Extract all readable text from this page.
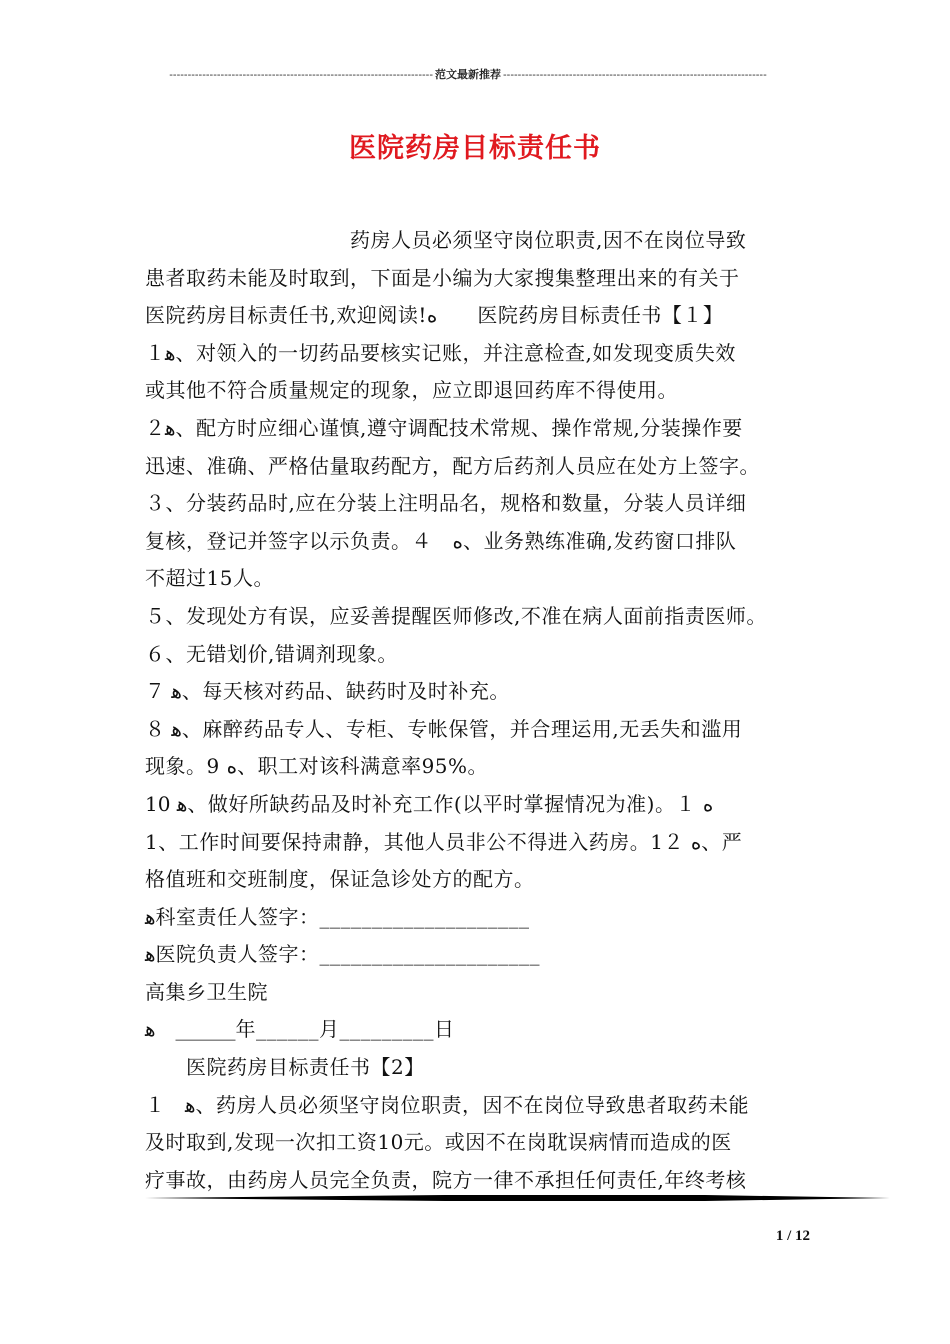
------------------------------------------------------------------------ 范文最新推荐 ------------------------------------------------------------------------
医院药房目标责任书
　　　　　　　　　　药房人员必须坚守岗位职责,因不在岗位导致
患者取药未能及时取到，下面是小编为大家搜集整理出来的有关于
医院药房目标责任书,欢迎阅读!ﻩ　　医院药房目标责任书【１】
１ﻫ、对领入的一切药品要核实记账，并注意检查,如发现变质失效
或其他不符合质量规定的现象，应立即退回药库不得使用。
２ﻫ、配方时应细心谨慎,遵守调配技术常规、操作常规,分装操作要
迅速、准确、严格估量取药配方，配方后药剂人员应在处方上签字。
３、分装药品时,应在分装上注明品名，规格和数量，分装人员详细
复核，登记并签字以示负责。４　ﻩ、业务熟练准确,发药窗口排队
不超过15人。
５、发现处方有误，应妥善提醒医师修改,不准在病人面前指责医师。
６、无错划价,错调剂现象。
７ ﻫ、每天核对药品、缺药时及时补充。
８ ﻫ、麻醉药品专人、专柜、专帐保管，并合理运用,无丢失和滥用
现象。9 ﻩ、职工对该科满意率95%。
10 ﻫ、做好所缺药品及时补充工作(以平时掌握情况为准)。１ ﻩ
1、工作时间要保持肃静，其他人员非公不得进入药房。1２ ﻩ、严
格值班和交班制度，保证急诊处方的配方。
ﻫ科室责任人签字：____________________
ﻫ医院负责人签字：_____________________
高集乡卫生院
ﻫ　______年______月_________日
　　医院药房目标责任书【2】
１　ﻫ、药房人员必须坚守岗位职责，因不在岗位导致患者取药未能
及时取到,发现一次扣工资10元。或因不在岗耽误病情而造成的医
疗事故，由药房人员完全负责，院方一律不承担任何责任,年终考核
1 / 12
